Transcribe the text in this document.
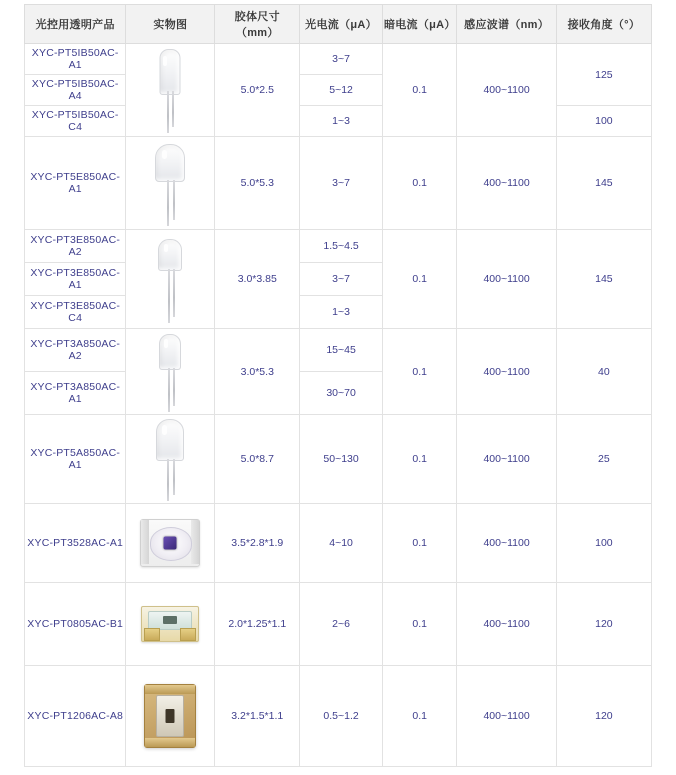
光控用透明产品	实物图	胶体尺寸（mm）	光电流（μA）	暗电流（μA）	感应波谱（nm）	接收角度（°）
XYC-PT5IB50AC-A1		5.0*2.5	3~7	0.1	400~1100	125
XYC-PT5IB50AC-A4			5~12			
XYC-PT5IB50AC-C4			1~3			100
XYC-PT5E850AC-A1		5.0*5.3	3~7	0.1	400~1100	145
XYC-PT3E850AC-A2		3.0*3.85	1.5~4.5	0.1	400~1100	145
XYC-PT3E850AC-A1			3~7			
XYC-PT3E850AC-C4			1~3			
XYC-PT3A850AC-A2		3.0*5.3	15~45	0.1	400~1100	40
XYC-PT3A850AC-A1			30~70			
XYC-PT5A850AC-A1		5.0*8.7	50~130	0.1	400~1100	25
XYC-PT3528AC-A1		3.5*2.8*1.9	4~10	0.1	400~1100	100
XYC-PT0805AC-B1		2.0*1.25*1.1	2~6	0.1	400~1100	120
XYC-PT1206AC-A8		3.2*1.5*1.1	0.5~1.2	0.1	400~1100	120
